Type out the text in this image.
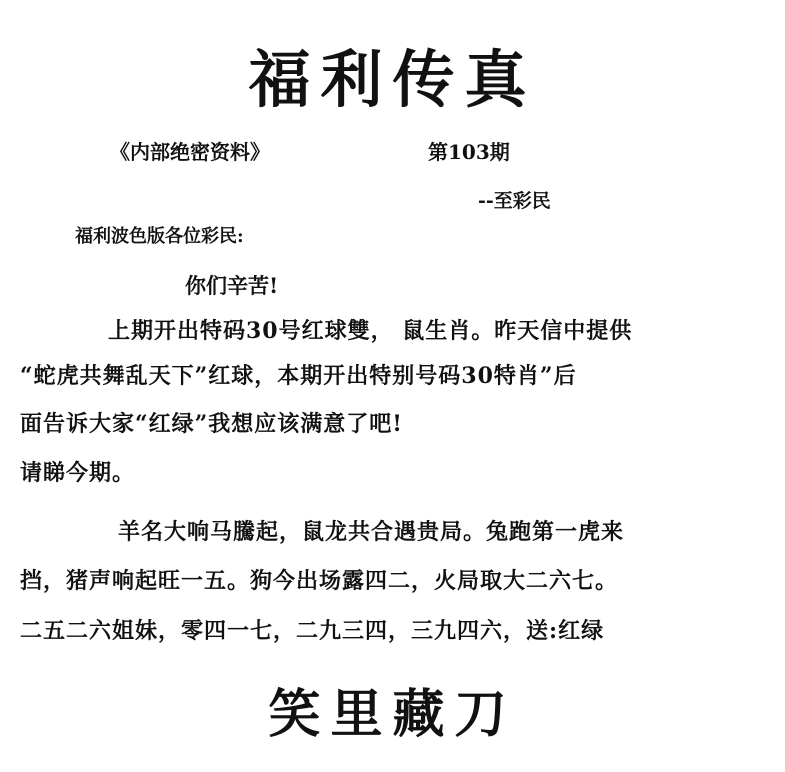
福利传真
《内部绝密资料》	第103期
--至彩民
福利波色版各位彩民:
你们辛苦!
上期开出特码30号红球雙， 鼠生肖。昨天信中提供
“蛇虎共舞乱天下”红球，本期开出特别号码30特肖”后
面告诉大家“红绿”我想应该满意了吧!
请睇今期。
羊名大响马騰起，鼠龙共合遇贵局。兔跑第一虎来
挡，猪声响起旺一五。狗今出场露四二，火局取大二六七。
二五二六姐妹，零四一七，二九三四，三九四六，送:红绿
笑里藏刀
